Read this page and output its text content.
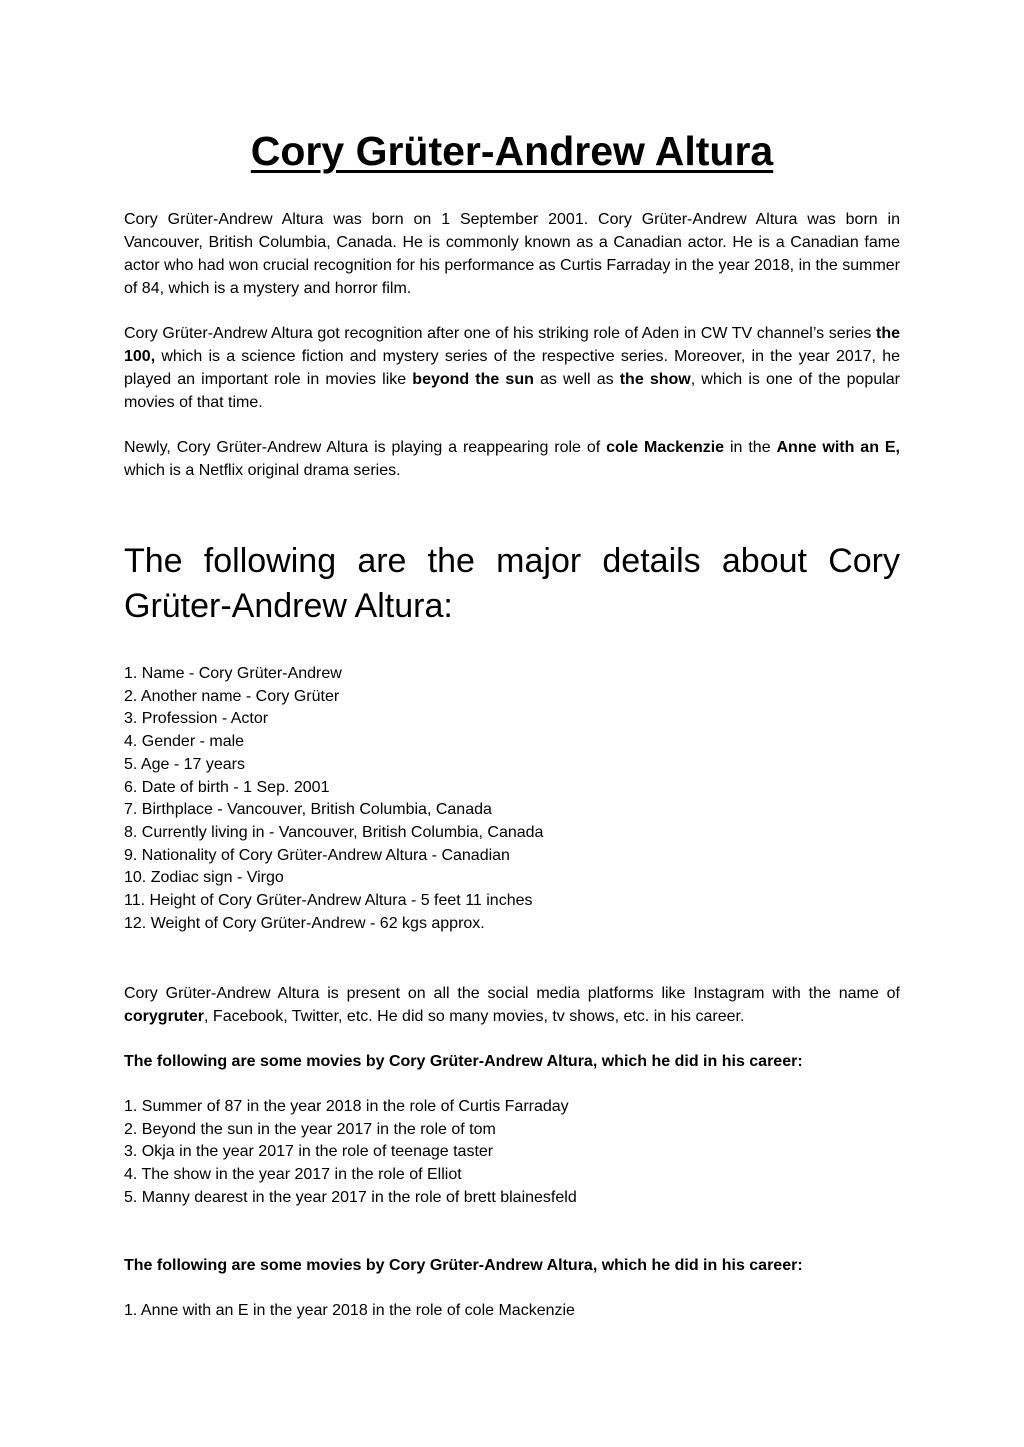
Cory Grüter-Andrew Altura

Cory Grüter-Andrew Altura was born on 1 September 2001. Cory Grüter-Andrew Altura was born in Vancouver, British Columbia, Canada. He is commonly known as a Canadian actor. He is a Canadian fame actor who had won crucial recognition for his performance as Curtis Farraday in the year 2018, in the summer of 84, which is a mystery and horror film.

Cory Grüter-Andrew Altura got recognition after one of his striking role of Aden in CW TV channel’s series the 100, which is a science fiction and mystery series of the respective series. Moreover, in the year 2017, he played an important role in movies like beyond the sun as well as the show, which is one of the popular movies of that time.

Newly, Cory Grüter-Andrew Altura is playing a reappearing role of cole Mackenzie in the Anne with an E, which is a Netflix original drama series.

The following are the major details about Cory Grüter-Andrew Altura:
1. Name - Cory Grüter-Andrew
2. Another name - Cory Grüter
3. Profession - Actor
4. Gender - male
5. Age - 17 years
6. Date of birth - 1 Sep. 2001
7. Birthplace - Vancouver, British Columbia, Canada
8. Currently living in - Vancouver, British Columbia, Canada
9. Nationality of Cory Grüter-Andrew Altura - Canadian
10. Zodiac sign - Virgo
11. Height of Cory Grüter-Andrew Altura - 5 feet 11 inches
12. Weight of Cory Grüter-Andrew - 62 kgs approx.

Cory Grüter-Andrew Altura is present on all the social media platforms like Instagram with the name of corygruter, Facebook, Twitter, etc. He did so many movies, tv shows, etc. in his career.

The following are some movies by Cory Grüter-Andrew Altura, which he did in his career:

1. Summer of 87 in the year 2018 in the role of Curtis Farraday
2. Beyond the sun in the year 2017 in the role of tom
3. Okja in the year 2017 in the role of teenage taster
4. The show in the year 2017 in the role of Elliot
5. Manny dearest in the year 2017 in the role of brett blainesfeld

The following are some movies by Cory Grüter-Andrew Altura, which he did in his career:

1. Anne with an E in the year 2018 in the role of cole Mackenzie
